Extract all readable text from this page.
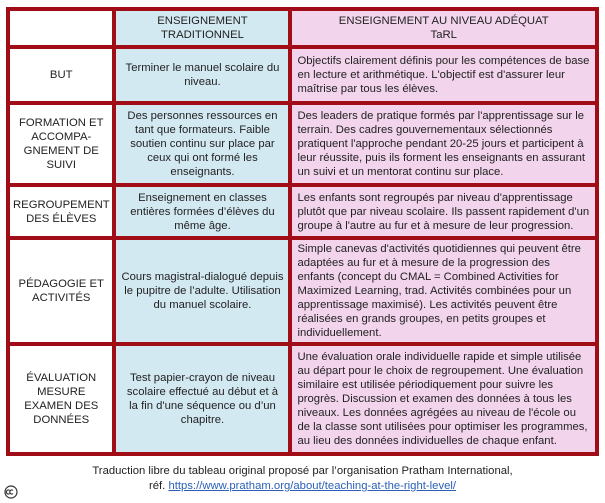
	ENSEIGNEMENT TRADITIONNEL	ENSEIGNEMENT AU NIVEAU ADÉQUAT
TaRL

BUT	Terminer le manuel scolaire du niveau.	Objectifs clairement définis pour les compétences de base en lecture et arithmétique. L'objectif est d'assurer leur maîtrise par tous les élèves.
FORMATION ET ACCOMPA-GNEMENT DE SUIVI	Des personnes ressources en tant que formateurs. Faible soutien continu sur place par ceux qui ont formé les enseignants.	Des leaders de pratique formés par l'apprentissage sur le terrain. Des cadres gouvernementaux sélectionnés pratiquent l'approche pendant 20-25 jours et participent à leur réussite, puis ils forment les enseignants en assurant un suivi et un mentorat continu sur place.
REGROUPEMENT DES ÉLÈVES	Enseignement en classes entières formées d’élèves du même âge.	Les enfants sont regroupés par niveau d'apprentissage plutôt que par niveau scolaire. Ils passent rapidement d'un groupe à l'autre au fur et à mesure de leur progression.
PÉDAGOGIE ET ACTIVITÉS	Cours magistral-dialogué depuis le pupitre de l’adulte. Utilisation du manuel scolaire.	Simple canevas d'activités quotidiennes qui peuvent être adaptées au fur et à mesure de la progression des enfants (concept du CMAL = Combined Activities for Maximized Learning, trad. Activités combinées pour un apprentissage maximisé). Les activités peuvent être réalisées en grands groupes, en petits groupes et individuellement.
ÉVALUATION MESURE EXAMEN DES DONNÉES	Test papier-crayon de niveau scolaire effectué au début et à la fin d'une séquence ou d’un chapitre.	Une évaluation orale individuelle rapide et simple utilisée au départ pour le choix de regroupement. Une évaluation similaire est utilisée périodiquement pour suivre les progrès. Discussion et examen des données à tous les niveaux. Les données agrégées au niveau de l'école ou de la classe sont utilisées pour optimiser les programmes, au lieu des données individuelles de chaque enfant.
Traduction libre du tableau original proposé par l’organisation Pratham International,
réf. https://www.pratham.org/about/teaching-at-the-right-level/
